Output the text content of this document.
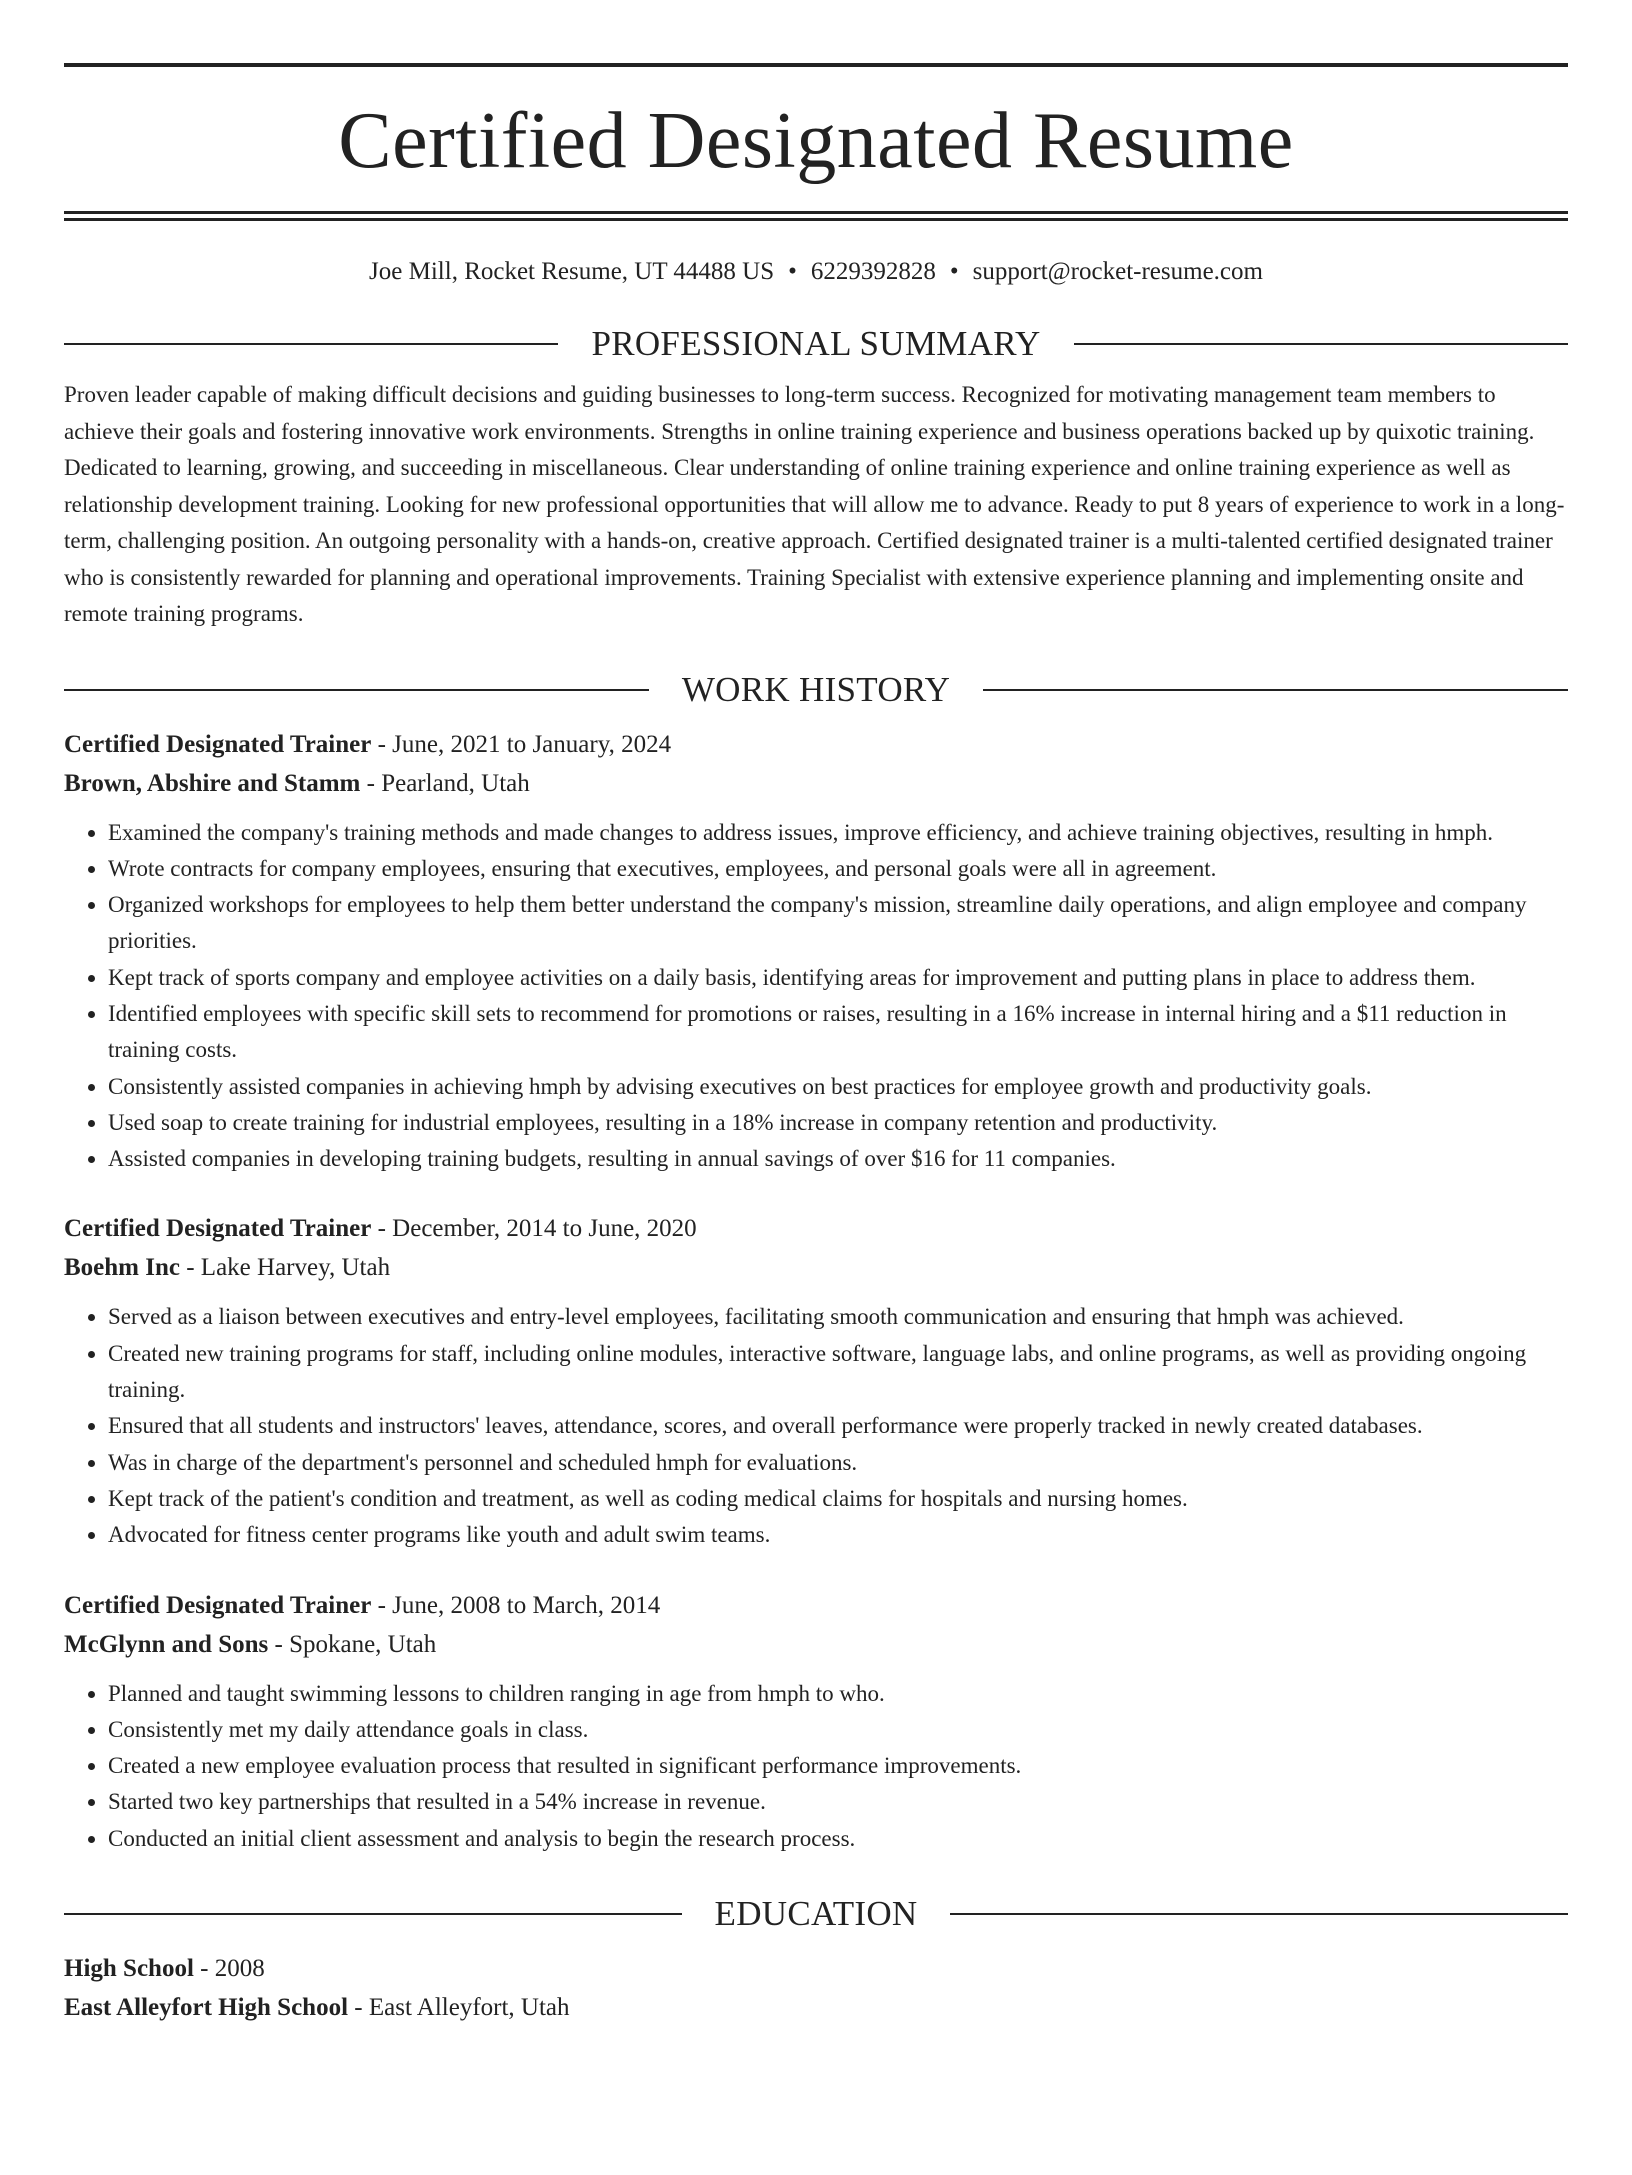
Certified Designated Resume
Joe Mill, Rocket Resume, UT 44488 US • 6229392828 • support@rocket-resume.com
PROFESSIONAL SUMMARY

Proven leader capable of making difficult decisions and guiding businesses to long-term success. Recognized for motivating management team members to achieve their goals and fostering innovative work environments. Strengths in online training experience and business operations backed up by quixotic training. Dedicated to learning, growing, and succeeding in miscellaneous. Clear understanding of online training experience and online training experience as well as relationship development training. Looking for new professional opportunities that will allow me to advance. Ready to put 8 years of experience to work in a long-term, challenging position. An outgoing personality with a hands-on, creative approach. Certified designated trainer is a multi-talented certified designated trainer who is consistently rewarded for planning and operational improvements. Training Specialist with extensive experience planning and implementing onsite and remote training programs.

WORK HISTORY
Certified Designated Trainer - June, 2021 to January, 2024
Brown, Abshire and Stamm - Pearland, Utah
• Examined the company's training methods and made changes to address issues, improve efficiency, and achieve training objectives, resulting in hmph.
• Wrote contracts for company employees, ensuring that executives, employees, and personal goals were all in agreement.
• Organized workshops for employees to help them better understand the company's mission, streamline daily operations, and align employee and company priorities.
• Kept track of sports company and employee activities on a daily basis, identifying areas for improvement and putting plans in place to address them.
• Identified employees with specific skill sets to recommend for promotions or raises, resulting in a 16% increase in internal hiring and a $11 reduction in training costs.
• Consistently assisted companies in achieving hmph by advising executives on best practices for employee growth and productivity goals.
• Used soap to create training for industrial employees, resulting in a 18% increase in company retention and productivity.
• Assisted companies in developing training budgets, resulting in annual savings of over $16 for 11 companies.
Certified Designated Trainer - December, 2014 to June, 2020
Boehm Inc - Lake Harvey, Utah
• Served as a liaison between executives and entry-level employees, facilitating smooth communication and ensuring that hmph was achieved.
• Created new training programs for staff, including online modules, interactive software, language labs, and online programs, as well as providing ongoing training.
• Ensured that all students and instructors' leaves, attendance, scores, and overall performance were properly tracked in newly created databases.
• Was in charge of the department's personnel and scheduled hmph for evaluations.
• Kept track of the patient's condition and treatment, as well as coding medical claims for hospitals and nursing homes.
• Advocated for fitness center programs like youth and adult swim teams.
Certified Designated Trainer - June, 2008 to March, 2014
McGlynn and Sons - Spokane, Utah
• Planned and taught swimming lessons to children ranging in age from hmph to who.
• Consistently met my daily attendance goals in class.
• Created a new employee evaluation process that resulted in significant performance improvements.
• Started two key partnerships that resulted in a 54% increase in revenue.
• Conducted an initial client assessment and analysis to begin the research process.
EDUCATION
High School - 2008
East Alleyfort High School - East Alleyfort, Utah
